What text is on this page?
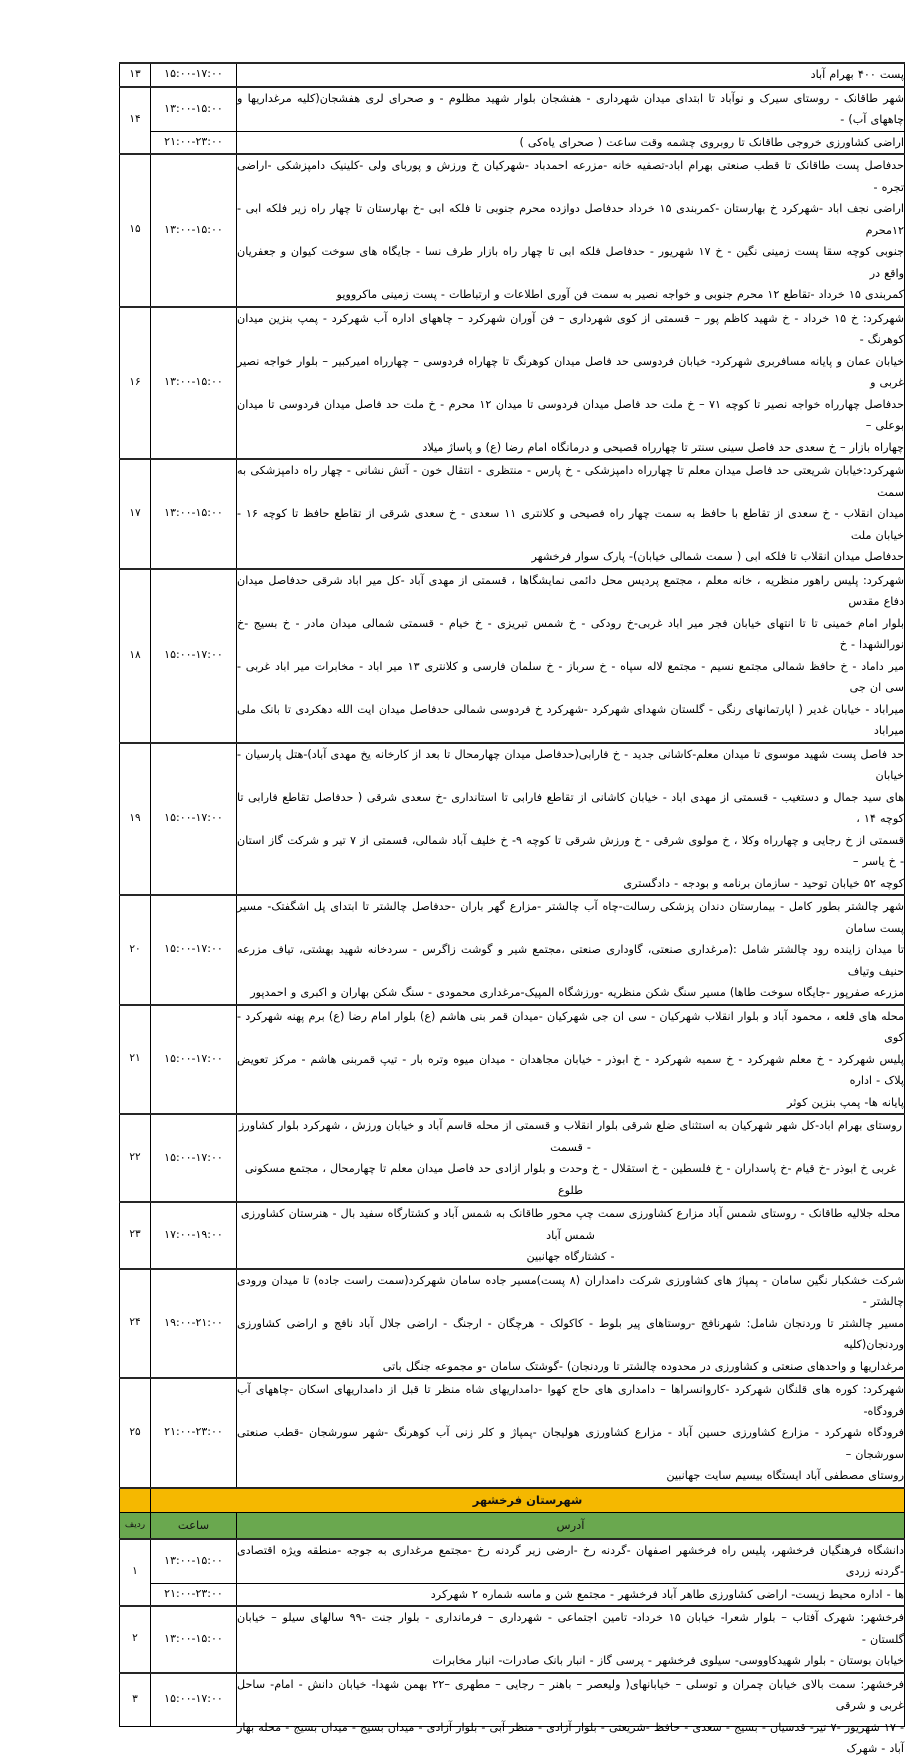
پست ۴۰۰ بهرام آباد	۱۵:۰۰-۱۷:۰۰	۱۳
شهر طاقانک - روستای سیرک و نوآباد تا ابتدای میدان شهرداری - هفشجان بلوار شهید مظلوم - و صحرای لری هفشجان(کلیه مرغداریها و چاههای آب) -	۱۳:۰۰-۱۵:۰۰	۱۴
اراضی کشاورزی خروجی طاقانک تا روبروی چشمه وقت ساعت ( صحرای یاه‌کی )	۲۱:۰۰-۲۳:۰۰	

حدفاصل پست طاقانک تا قطب صنعتی بهرام اباد-تصفیه خانه -مزرعه احمدباد -شهرکیان خ ورزش و پوربای ولی -کلینیک دامپزشکی -اراضی تجره -
اراضی نجف اباد -شهرکرد خ بهارستان -کمربندی ۱۵ خرداد حدفاصل دوازده محرم جنوبی تا فلکه ابی -خ بهارستان تا چهار راه زیر فلکه ابی - ۱۲محرم
جنوبی کوچه سقا پست زمینی نگین - خ ۱۷ شهریور - حدفاصل فلکه ابی تا چهار راه بازار طرف نسا - جایگاه های سوخت کیوان و جعفریان واقع در
کمربندی ۱۵ خرداد -تقاطع ۱۲ محرم جنوبی و خواجه نصیر به سمت فن آوری اطلاعات و ارتباطات - پست زمینی ماکروویو	۱۳:۰۰-۱۵:۰۰	۱۵

شهرکرد: خ ۱۵ خرداد - خ شهید کاظم پور – قسمتی از کوی شهرداری – فن آوران شهرکرد – چاههای اداره آب شهرکرد - پمپ بنزین میدان کوهرنگ -
خیابان عمان و پایانه مسافربری شهرکرد- خیابان فردوسی حد فاصل میدان کوهرنگ تا چهاراه فردوسی – چهارراه امیرکبیر – بلوار خواجه نصیر غربی و
حدفاصل چهارراه خواجه نصیر تا کوچه ۷۱ – خ ملت حد فاصل میدان فردوسی تا میدان ۱۲ محرم - خ ملت حد فاصل میدان فردوسی تا میدان بوعلی –
چهاراه بازار – خ سعدی حد فاصل سینی سنتر تا چهارراه قصیحی و درمانگاه امام رضا (ع) و پاساژ میلاد	۱۳:۰۰-۱۵:۰۰	۱۶

شهرکرد:خیابان شریعتی حد فاصل میدان معلم تا چهارراه دامپزشکی - خ پارس - منتظری - انتقال خون - آتش نشانی - چهار راه دامپزشکی به سمت
میدان انقلاب - خ سعدی از تقاطع با حافظ به سمت چهار راه فصیحی و کلانتری ۱۱ سعدی - خ سعدی شرقی از تقاطع حافظ تا کوچه ۱۶ - خیابان ملت
حدفاصل میدان انقلاب تا فلکه ابی ( سمت شمالی خیابان)- پارک سوار فرخشهر	۱۳:۰۰-۱۵:۰۰	۱۷

شهرکرد: پلیس راهور منظریه ، خانه معلم ، مجتمع پردیس محل دائمی نمایشگاها ، قسمتی از مهدی آباد -کل میر اباد شرقی حدفاصل میدان دفاع مقدس
بلوار امام خمینی تا تا انتهای خیابان فجر میر اباد غربی-خ رودکی - خ شمس تبریزی - خ خیام - قسمتی شمالی میدان مادر - خ بسیج -خ نورالشهدا - خ
میر داماد - خ حافظ شمالی مجتمع نسیم - مجتمع لاله سپاه - خ سرباز - خ سلمان فارسی و کلانتری ۱۳ میر اباد - مخابرات میر اباد غربی - سی ان جی
میراباد - خیابان غدیر ( اپارتمانهای رنگی - گلستان شهدای شهرکرد -شهرکرد خ فردوسی شمالی حدفاصل میدان ایت الله دهکردی تا بانک ملی میراباد	۱۵:۰۰-۱۷:۰۰	۱۸

حد فاصل پست شهید موسوی تا میدان معلم-کاشانی جدید - خ فارابی(حدفاصل میدان چهارمحال تا بعد از کارخانه یخ مهدی آباد)-هتل پارسیان - خیابان
های سید جمال و دستغیب - قسمتی از مهدی اباد - خیابان کاشانی از تقاطع فارابی تا استانداری -خ سعدی شرقی ( حدفاصل تقاطع فارابی تا کوچه ۱۴ ،
قسمتی از خ رجایی و چهارراه وکلا ، خ مولوی شرقی - خ ورزش شرقی تا کوچه ۹- خ خلیف آباد شمالی، قسمتی از ۷ تیر و شرکت گاز استان - خ یاسر –
کوچه ۵۲ خیابان توحید - سازمان برنامه و بودجه - دادگستری	۱۵:۰۰-۱۷:۰۰	۱۹

شهر چالشتر بطور کامل - بیمارستان دندان پزشکی رسالت-چاه آب چالشتر -مزارع گهر باران -حدفاصل چالشتر تا ابتدای پل اشگفتک- مسیر پست سامان
تا میدان زاینده رود چالشتر شامل :(مرغداری صنعتی، گاوداری صنعتی ،مجتمع شیر و گوشت زاگرس - سردخانه شهید بهشتی، تیاف مزرعه حنیف وتیاف
مزرعه صفرپور -جایگاه سوخت طاها) مسیر سنگ شکن منظریه -ورزشگاه المپیک-مرغداری محمودی - سنگ شکن بهاران و اکبری و احمدپور	۱۵:۰۰-۱۷:۰۰	۲۰

محله های قلعه ، محمود آباد و بلوار انقلاب شهرکیان - سی ان جی شهرکیان -میدان قمر بنی هاشم (ع) بلوار امام رضا (ع) برم پهنه شهرکرد - کوی
پلیس شهرکرد - خ معلم شهرکرد - خ سمیه شهرکرد - خ ابوذر - خیابان مجاهدان - میدان میوه وتره بار - تیپ قمربنی هاشم - مرکز تعویض پلاک - اداره
پایانه ها- پمپ بنزین کوثر	۱۵:۰۰-۱۷:۰۰	۲۱

روستای بهرام اباد-کل شهر شهرکیان به استثنای ضلع شرقی بلوار انقلاب و قسمتی از محله قاسم آباد و خیابان ورزش ، شهرکرد بلوار کشاورز - قسمت
غربی خ ابوذر -خ قیام -خ پاسداران - خ فلسطین - خ استقلال - خ وحدت و بلوار ازادی حد فاصل میدان معلم تا چهارمحال ، مجتمع مسکونی طلوع	۱۵:۰۰-۱۷:۰۰	۲۲

محله جلالیه طاقانک - روستای شمس آباد مزارع کشاورزی سمت چپ محور طاقانک به شمس آباد و کشتارگاه سفید بال - هنرستان کشاورزی شمس آباد
- کشتارگاه جهانبین	۱۷:۰۰-۱۹:۰۰	۲۳

شرکت خشکبار نگین سامان - پمپاژ های کشاورزی شرکت دامداران (۸ پست)مسیر جاده سامان شهرکرد(سمت راست جاده) تا میدان ورودی چالشتر -
مسیر چالشتر تا وردنجان شامل: شهرنافج -روستاهای پیر بلوط - کاکولک - هرچگان - ارجنگ - اراضی جلال آباد نافج و اراضی کشاورزی وردنجان(کلیه
مرغداریها و واحدهای صنعتی و کشاورزی در محدوده چالشتر تا وردنجان) -گوشتک سامان -و مجموعه جنگل باتی	۱۹:۰۰-۲۱:۰۰	۲۴

شهرکرد: کوره های قلنگان شهرکرد -کاروانسراها – دامداری های حاج کهوا -دامداریهای شاه منظر تا قبل از دامداریهای اسکان -چاههای آب فرودگاه-
فرودگاه شهرکرد - مزارع کشاورزی حسین آباد - مزارع کشاورزی هولیجان -پمپاژ و کلر زنی آب کوهرنگ -شهر سورشجان -قطب صنعتی سورشجان –
روستای مصطفی آباد ایستگاه بیسیم سایت جهانبین	۲۱:۰۰-۲۳:۰۰	۲۵
شهرستان فرخشهر		
آدرس	ساعت	ردیف
دانشگاه فرهنگیان فرخشهر، پلیس راه فرخشهر اصفهان -گردنه رخ -ارضی زیر گردنه رخ -مجتمع مرغداری به جوجه -منطقه ویژه اقتصادی -گردنه زردی	۱۳:۰۰-۱۵:۰۰	۱
ها - اداره محیط زیست- اراضی کشاورزی طاهر آباد فرخشهر - مجتمع شن و ماسه شماره ۲ شهرکرد	۲۱:۰۰-۲۳:۰۰	

فرخشهر: شهرک آفتاب – بلوار شعرا- خیابان ۱۵ خرداد- تامین اجتماعی - شهرداری – فرمانداری - بلوار جنت -۹۹ سالهای سیلو – خیابان گلستان -
خیابان بوستان - بلوار شهیدکاووسی- سیلوی فرخشهر - پرسی گاز - انبار بانک صادرات- انبار مخابرات	۱۳:۰۰-۱۵:۰۰	۲

فرخشهر: سمت بالای خیابان چمران و توسلی – خیابانهای( ولیعصر – باهنر – رجایی – مطهری –۲۲ بهمن شهدا- خیابان دانش - امام- ساحل غربی و شرقی
- ۱۷ شهریور -۷ تیر- قدسیان - بسیج - سعدی - حافظ -شریعتی - بلوار آزادی - منظر آبی - بلوار آزادی - میدان بسیج - میدان بسیج - محله بهار آباد - شهرک	۱۵:۰۰-۱۷:۰۰	۳
